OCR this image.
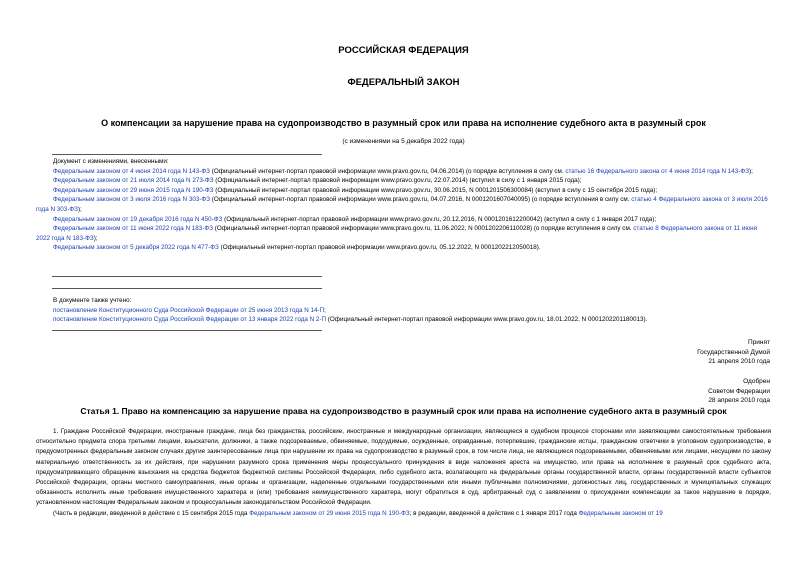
РОССИЙСКАЯ ФЕДЕРАЦИЯ
ФЕДЕРАЛЬНЫЙ ЗАКОН
О компенсации за нарушение права на судопроизводство в разумный срок или права на исполнение судебного акта в разумный срок
(с изменениями на 5 декабря 2022 года)

Документ с изменениями, внесенными:

Федеральным законом от 4 июня 2014 года N 143-ФЗ (Официальный интернет-портал правовой информации www.pravo.gov.ru, 04.06.2014) (о порядке вступления в силу см. статью 16 Федерального закона от 4 июня 2014 года N 143-ФЗ);

Федеральным законом от 21 июля 2014 года N 273-ФЗ (Официальный интернет-портал правовой информации www.pravo.gov.ru, 22.07.2014) (вступил в силу с 1 января 2015 года);

Федеральным законом от 29 июня 2015 года N 190-ФЗ (Официальный интернет-портал правовой информации www.pravo.gov.ru, 30.06.2015, N 0001201506300084) (вступил в силу с 15 сентября 2015 года);

Федеральным законом от 3 июля 2016 года N 303-ФЗ (Официальный интернет-портал правовой информации www.pravo.gov.ru, 04.07.2016, N 0001201607040095) (о порядке вступления в силу см. статью 4 Федерального закона от 3 июля 2016 года N 303-ФЗ);

Федеральным законом от 19 декабря 2016 года N 450-ФЗ (Официальный интернет-портал правовой информации www.pravo.gov.ru, 20.12.2016, N 0001201612200042) (вступил в силу с 1 января 2017 года);

Федеральным законом от 11 июня 2022 года N 183-ФЗ (Официальный интернет-портал правовой информации www.pravo.gov.ru, 11.06.2022, N 0001202206110028) (о порядке вступления в силу см. статью 8 Федерального закона от 11 июня 2022 года N 183-ФЗ);

Федеральным законом от 5 декабря 2022 года N 477-ФЗ (Официальный интернет-портал правовой информации www.pravo.gov.ru, 05.12.2022, N 0001202212050018).

В документе также учтено:

постановление Конституционного Суда Российской Федерации от 25 июня 2013 года N 14-П;

постановление Конституционного Суда Российской Федерации от 13 января 2022 года N 2-П (Официальный интернет-портал правовой информации www.pravo.gov.ru, 18.01.2022, N 0001202201180013).

Принят
Государственной Думой
21 апреля 2010 года
Одобрен
Советом Федерации
28 апреля 2010 года
Статья 1. Право на компенсацию за нарушение права на судопроизводство в разумный срок или права на исполнение судебного акта в разумный срок

1. Граждане Российской Федерации, иностранные граждане, лица без гражданства, российские, иностранные и международные организации, являющиеся в судебном процессе сторонами или заявляющими самостоятельные требования относительно предмета спора третьими лицами, взыскатели, должники, а также подозреваемые, обвиняемые, подсудимые, осужденные, оправданные, потерпевшие, гражданские истцы, гражданские ответчики в уголовном судопроизводстве, в предусмотренных федеральным законом случаях другие заинтересованные лица при нарушении их права на судопроизводство в разумный срок, в том числе лица, не являющиеся подозреваемыми, обвиняемыми или лицами, несущими по закону материальную ответственность за их действия, при нарушении разумного срока применения меры процессуального принуждения в виде наложения ареста на имущество, или права на исполнение в разумный срок судебного акта, предусматривающего обращение взыскания на средства бюджетов бюджетной системы Российской Федерации, либо судебного акта, возлагающего на федеральные органы государственной власти, органы государственной власти субъектов Российской Федерации, органы местного самоуправления, иные органы и организации, наделенные отдельными государственными или иными публичными полномочиями, должностных лиц, государственных и муниципальных служащих обязанность исполнить иные требования имущественного характера и (или) требования неимущественного характера, могут обратиться в суд, арбитражный суд с заявлением о присуждении компенсации за такое нарушение в порядке, установленном настоящим Федеральным законом и процессуальным законодательством Российской Федерации.

(Часть в редакции, введенной в действие с 15 сентября 2015 года Федеральным законом от 29 июня 2015 года N 190-ФЗ; в редакции, введенной в действие с 1 января 2017 года Федеральным законом от 19
